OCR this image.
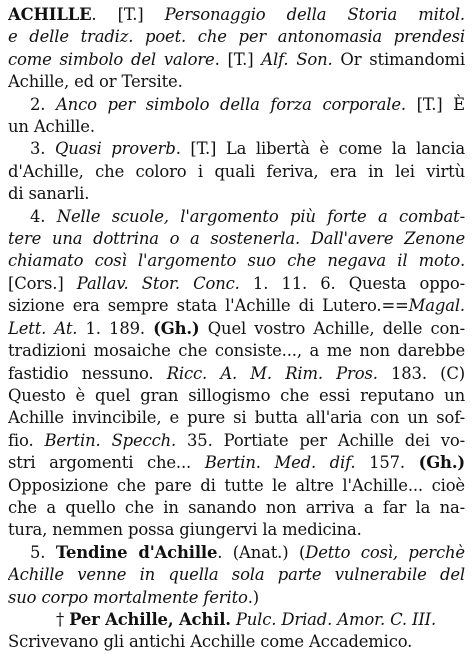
ACHILLE. [T.] Personaggio della Storia mitol.
e delle tradiz. poet. che per antonomasia prendesi
come simbolo del valore. [T.] Alf. Son. Or stimandomi
Achille, ed or Tersite.
2. Anco per simbolo della forza corporale. [T.] È
un Achille.
3. Quasi proverb. [T.] La libertà è come la lancia
d'Achille, che coloro i quali feriva, era in lei virtù
di sanarli.
4. Nelle scuole, l'argomento più forte a combat-
tere una dottrina o a sostenerla. Dall'avere Zenone
chiamato così l'argomento suo che negava il moto.
[Cors.] Pallav. Stor. Conc. 1. 11. 6. Questa oppo-
sizione era sempre stata l'Achille di Lutero.==Magal.
Lett. At. 1. 189. (Gh.) Quel vostro Achille, delle con-
tradizioni mosaiche che consiste..., a me non darebbe
fastidio nessuno. Ricc. A. M. Rim. Pros. 183. (C)
Questo è quel gran sillogismo che essi reputano un
Achille invincibile, e pure si butta all'aria con un sof-
fio. Bertin. Specch. 35. Portiate per Achille dei vo-
stri argomenti che... Bertin. Med. dif. 157. (Gh.)
Opposizione che pare di tutte le altre l'Achille... cioè
che a quello che in sanando non arriva a far la na-
tura, nemmen possa giungervi la medicina.
5. Tendine d'Achille. (Anat.) (Detto così, perchè
Achille venne in quella sola parte vulnerabile del
suo corpo mortalmente ferito.)
† Per Achille, Achil. Pulc. Driad. Amor. C. III.
Scrivevano gli antichi Acchille come Accademico.
